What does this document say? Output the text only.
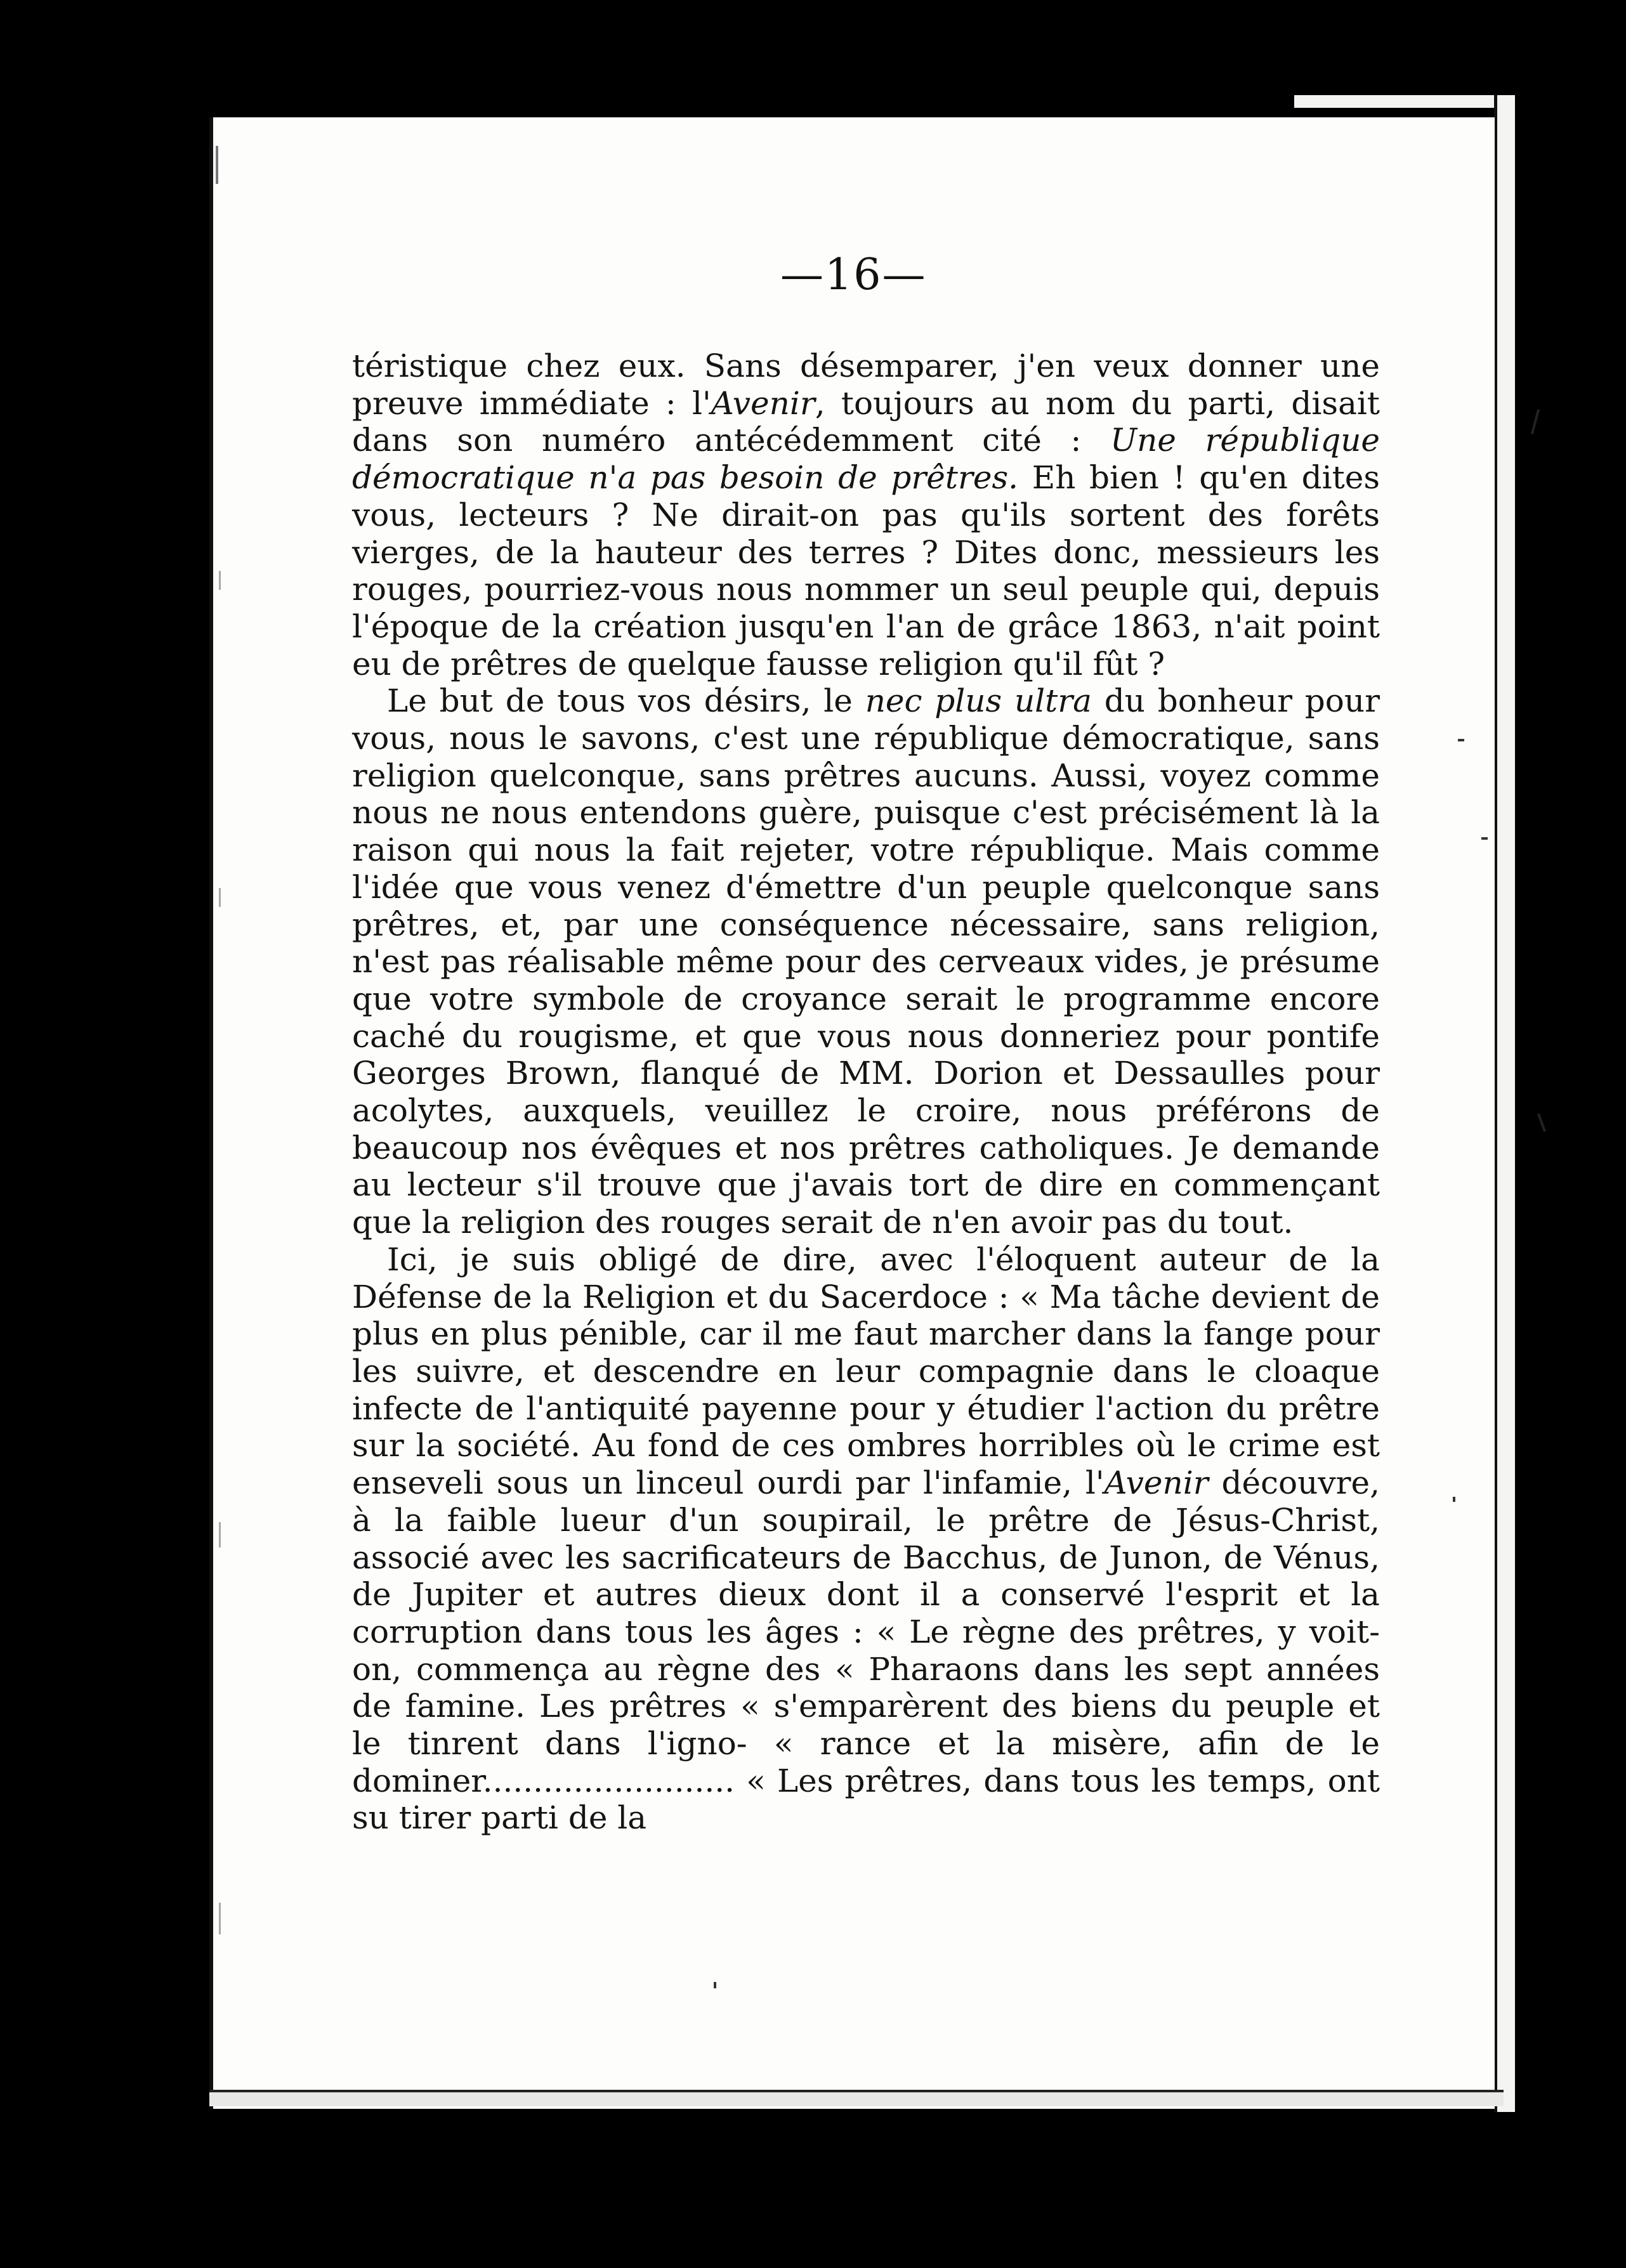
—16—

téristique chez eux. Sans désemparer, j'en veux donner une preuve immédiate : l'Avenir, toujours au nom du parti, disait dans son numéro antécédemment cité : Une république démocratique n'a pas besoin de prêtres. Eh bien ! qu'en dites vous, lecteurs ? Ne dirait-on pas qu'ils sortent des forêts vierges, de la hauteur des terres ? Dites donc, messieurs les rouges, pourriez-vous nous nommer un seul peuple qui, depuis l'époque de la création jusqu'en l'an de grâce 1863, n'ait point eu de prêtres de quelque fausse religion qu'il fût ?

Le but de tous vos désirs, le nec plus ultra du bonheur pour vous, nous le savons, c'est une république démocratique, sans religion quelconque, sans prêtres aucuns. Aussi, voyez comme nous ne nous entendons guère, puisque c'est précisément là la raison qui nous la fait rejeter, votre république. Mais comme l'idée que vous venez d'émettre d'un peuple quelconque sans prêtres, et, par une conséquence nécessaire, sans religion, n'est pas réalisable même pour des cerveaux vides, je présume que votre symbole de croyance serait le programme encore caché du rougisme, et que vous nous donneriez pour pontife Georges Brown, flanqué de MM. Dorion et Dessaulles pour acolytes, auxquels, veuillez le croire, nous préférons de beaucoup nos évêques et nos prêtres catholiques. Je demande au lecteur s'il trouve que j'avais tort de dire en commençant que la religion des rouges serait de n'en avoir pas du tout.

Ici, je suis obligé de dire, avec l'éloquent auteur de la Défense de la Religion et du Sacerdoce : « Ma tâche devient de plus en plus pénible, car il me faut marcher dans la fange pour les suivre, et descendre en leur compagnie dans le cloaque infecte de l'antiquité payenne pour y étudier l'action du prêtre sur la société. Au fond de ces ombres horribles où le crime est enseveli sous un linceul ourdi par l'infamie, l'Avenir découvre, à la faible lueur d'un soupirail, le prêtre de Jésus-Christ, associé avec les sacrificateurs de Bacchus, de Junon, de Vénus, de Jupiter et autres dieux dont il a conservé l'esprit et la corruption dans tous les âges : « Le règne des prêtres, y voit-on, commença au règne des « Pharaons dans les sept années de famine. Les prêtres « s'emparèrent des biens du peuple et le tinrent dans l'igno- « rance et la misère, afin de le dominer......................... « Les prêtres, dans tous les temps, ont su tirer parti de la
